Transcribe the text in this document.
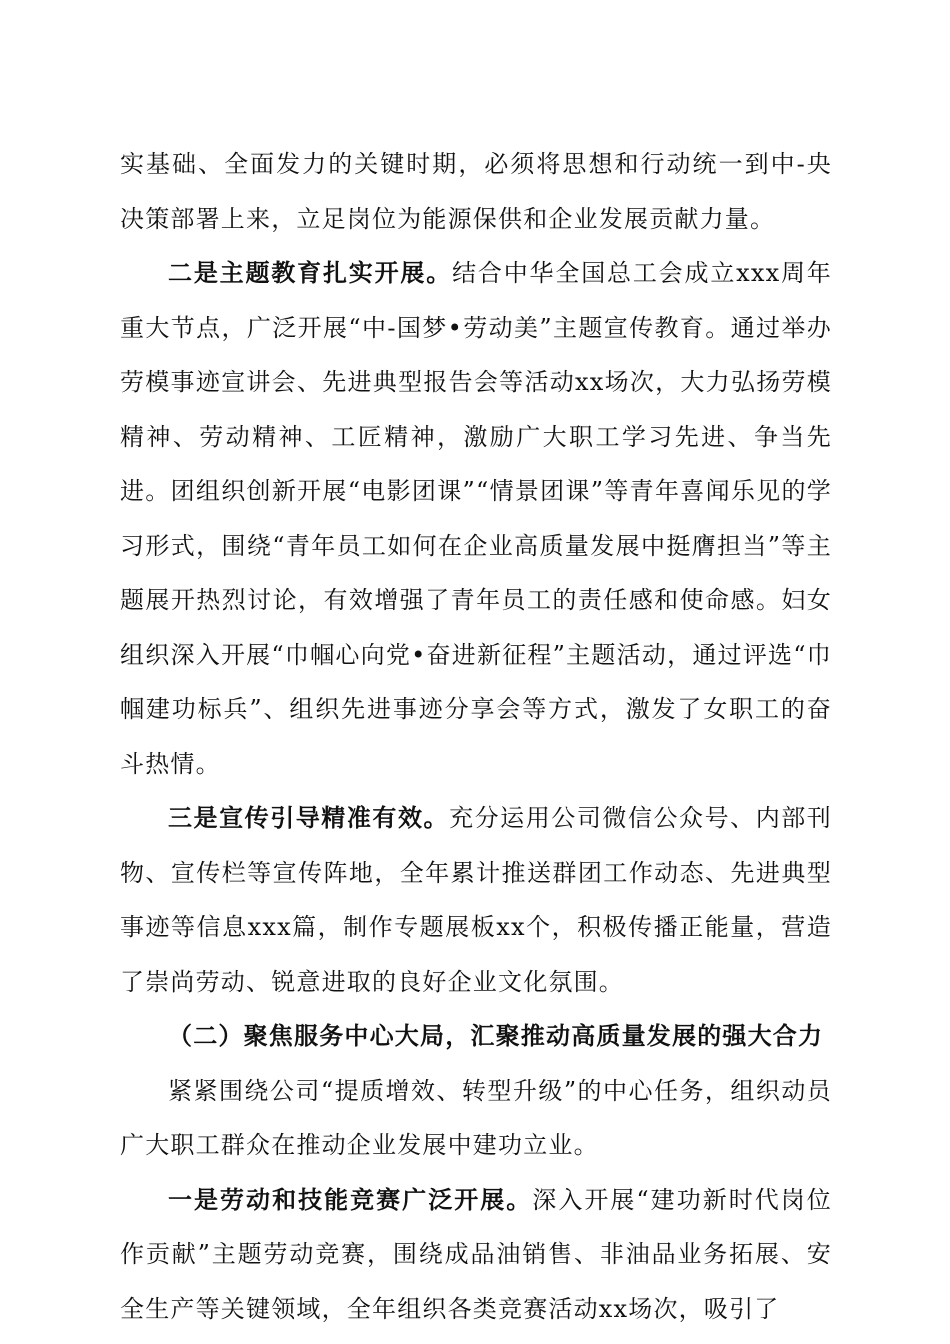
实基础、全面发力的关键时期，必须将思想和行动统一到中-央决策部署上来，立足岗位为能源保供和企业发展贡献力量。

二是主题教育扎实开展。结合中华全国总工会成立xxx周年重大节点，广泛开展“中-国梦•劳动美”主题宣传教育。通过举办劳模事迹宣讲会、先进典型报告会等活动xx场次，大力弘扬劳模精神、劳动精神、工匠精神，激励广大职工学习先进、争当先进。团组织创新开展“电影团课”“情景团课”等青年喜闻乐见的学习形式，围绕“青年员工如何在企业高质量发展中挺膺担当”等主题展开热烈讨论，有效增强了青年员工的责任感和使命感。妇女组织深入开展“巾帼心向党•奋进新征程”主题活动，通过评选“巾帼建功标兵”、组织先进事迹分享会等方式，激发了女职工的奋斗热情。

三是宣传引导精准有效。充分运用公司微信公众号、内部刊物、宣传栏等宣传阵地，全年累计推送群团工作动态、先进典型事迹等信息xxx篇，制作专题展板xx个，积极传播正能量，营造了崇尚劳动、锐意进取的良好企业文化氛围。

（二）聚焦服务中心大局，汇聚推动高质量发展的强大合力

紧紧围绕公司“提质增效、转型升级”的中心任务，组织动员广大职工群众在推动企业发展中建功立业。

一是劳动和技能竞赛广泛开展。深入开展“建功新时代岗位作贡献”主题劳动竞赛，围绕成品油销售、非油品业务拓展、安全生产等关键领域，全年组织各类竞赛活动xx场次，吸引了
